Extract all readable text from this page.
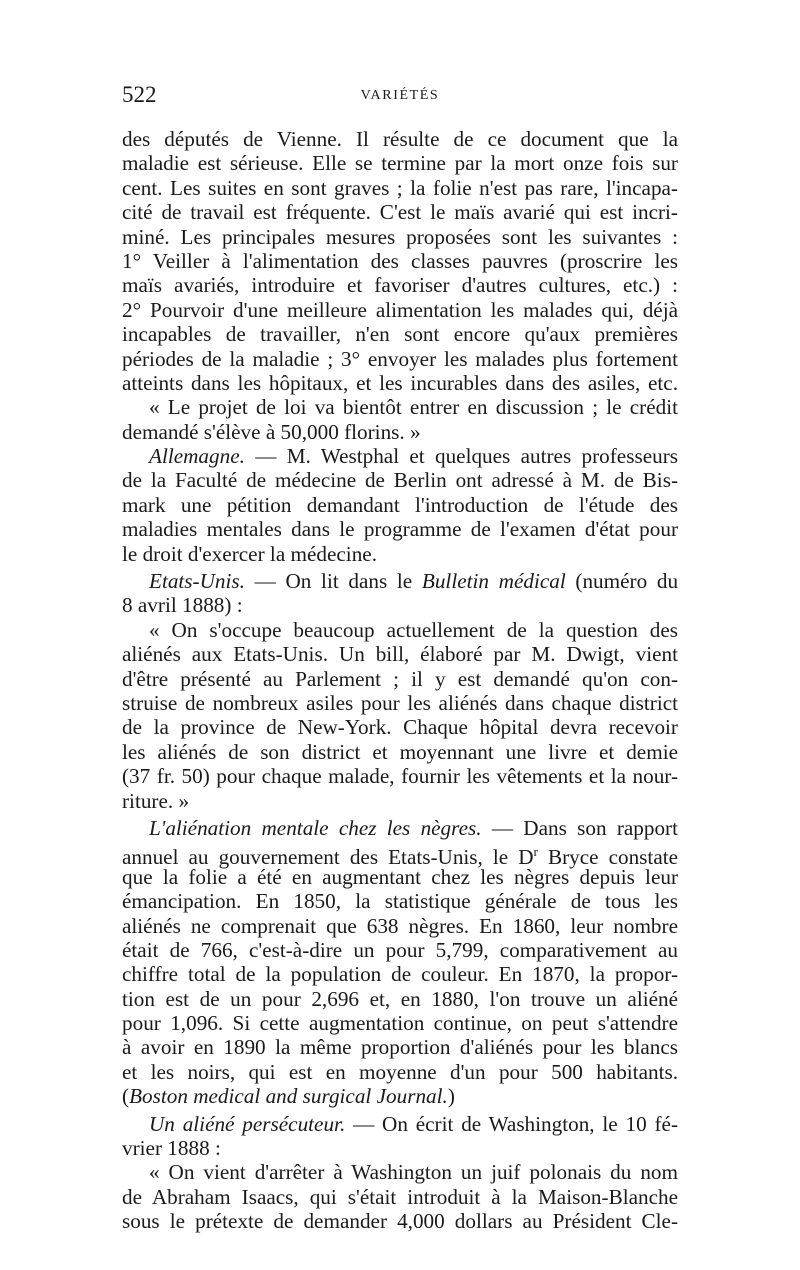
522	VARIÉTÉS
des députés de Vienne. Il résulte de ce document que la
maladie est sérieuse. Elle se termine par la mort onze fois sur
cent. Les suites en sont graves ; la folie n'est pas rare, l'incapa-
cité de travail est fréquente. C'est le maïs avarié qui est incri-
miné. Les principales mesures proposées sont les suivantes :
1° Veiller à l'alimentation des classes pauvres (proscrire les
maïs avariés, introduire et favoriser d'autres cultures, etc.) :
2° Pourvoir d'une meilleure alimentation les malades qui, déjà
incapables de travailler, n'en sont encore qu'aux premières
périodes de la maladie ; 3° envoyer les malades plus fortement
atteints dans les hôpitaux, et les incurables dans des asiles, etc.
« Le projet de loi va bientôt entrer en discussion ; le crédit
demandé s'élève à 50,000 florins. »
Allemagne. — M. Westphal et quelques autres professeurs
de la Faculté de médecine de Berlin ont adressé à M. de Bis-
mark une pétition demandant l'introduction de l'étude des
maladies mentales dans le programme de l'examen d'état pour
le droit d'exercer la médecine.
Etats-Unis. — On lit dans le Bulletin médical (numéro du
8 avril 1888) :
« On s'occupe beaucoup actuellement de la question des
aliénés aux Etats-Unis. Un bill, élaboré par M. Dwigt, vient
d'être présenté au Parlement ; il y est demandé qu'on con-
struise de nombreux asiles pour les aliénés dans chaque district
de la province de New-York. Chaque hôpital devra recevoir
les aliénés de son district et moyennant une livre et demie
(37 fr. 50) pour chaque malade, fournir les vêtements et la nour-
riture. »
L'aliénation mentale chez les nègres. — Dans son rapport
annuel au gouvernement des Etats-Unis, le $D^r$ Bryce constate
que la folie a été en augmentant chez les nègres depuis leur
émancipation. En 1850, la statistique générale de tous les
aliénés ne comprenait que 638 nègres. En 1860, leur nombre
était de 766, c'est-à-dire un pour 5,799, comparativement au
chiffre total de la population de couleur. En 1870, la propor-
tion est de un pour 2,696 et, en 1880, l'on trouve un aliéné
pour 1,096. Si cette augmentation continue, on peut s'attendre
à avoir en 1890 la même proportion d'aliénés pour les blancs
et les noirs, qui est en moyenne d'un pour 500 habitants.
(Boston medical and surgical Journal.)
Un aliéné persécuteur. — On écrit de Washington, le 10 fé-
vrier 1888 :
« On vient d'arrêter à Washington un juif polonais du nom
de Abraham Isaacs, qui s'était introduit à la Maison-Blanche
sous le prétexte de demander 4,000 dollars au Président Cle-
